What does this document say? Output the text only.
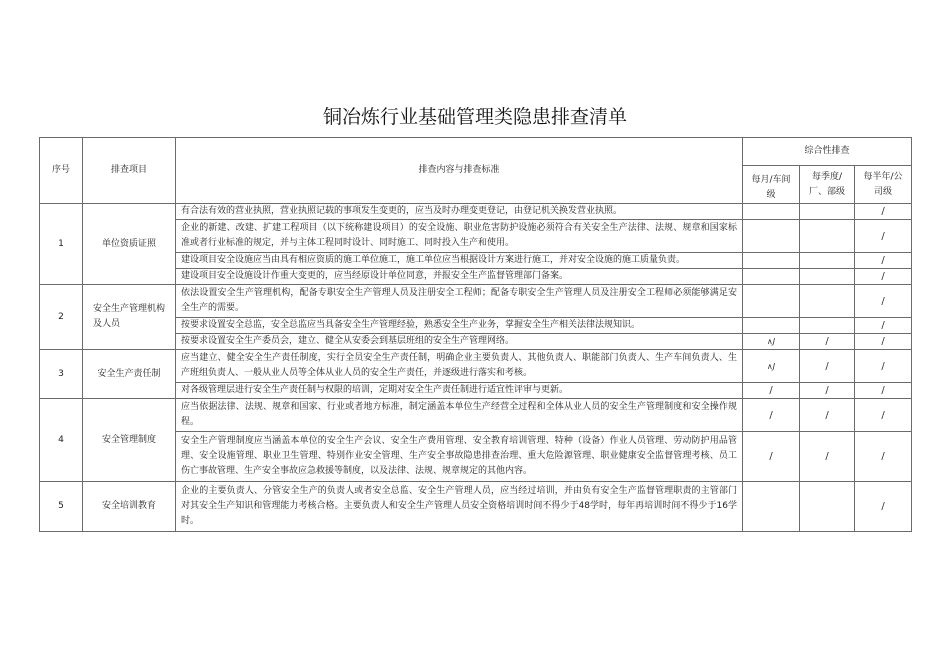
铜冶炼行业基础管理类隐患排查清单
序号	排查项目	排查内容与排查标准	综合性排查		
			每月/车间级	每季度/厂、部级	每半年/公司级
1	单位资质证照	有合法有效的营业执照，营业执照记载的事项发生变更的，应当及时办理变更登记，由登记机关换发营业执照。			/
		企业的新建、改建、扩建工程项目（以下统称建设项目）的安全设施、职业危害防护设施必须符合有关安全生产法律、法规、规章和国家标准或者行业标准的规定，并与主体工程同时设计、同时施工、同时投入生产和使用。			/
		建设项目安全设施应当由具有相应资质的施工单位施工，施工单位应当根据设计方案进行施工，并对安全设施的施工质量负责。			/
		建设项目安全设施设计作重大变更的，应当经原设计单位同意，并报安全生产监督管理部门备案。			/
2	安全生产管理机构及人员	依法设置安全生产管理机构，配备专职安全生产管理人员及注册安全工程师；配备专职安全生产管理人员及注册安全工程师必须能够满足安全生产的需要。			/
		按要求设置安全总监，安全总监应当具备安全生产管理经验，熟悉安全生产业务，掌握安全生产相关法律法规知识。			/
		按要求设置安全生产委员会，建立、健全从安委会到基层班组的安全生产管理网络。	∧J	/	/
3	安全生产责任制	应当建立、健全安全生产责任制度，实行全员安全生产责任制，明确企业主要负责人、其他负责人、职能部门负责人、生产车间负责人、生产班组负责人、一般从业人员等全体从业人员的安全生产责任，并逐级进行落实和考核。	∧J	/	/
		对各级管理层进行安全生产责任制与权限的培训，定期对安全生产责任制进行适宜性评审与更新。	/	/	/
4	安全管理制度	应当依据法律、法规、规章和国家、行业或者地方标准，制定涵盖本单位生产经营全过程和全体从业人员的安全生产管理制度和安全操作规程。	/	/	/
		安全生产管理制度应当涵盖本单位的安全生产会议、安全生产费用管理、安全教育培训管理、特种（设备）作业人员管理、劳动防护用品管理、安全设施管理、职业卫生管理、特别作业安全管理、生产安全事故隐患排查治理、重大危险源管理、职业健康安全监督管理考核、员工伤亡事故管理、生产安全事故应急救援等制度，以及法律、法规、规章规定的其他内容。	/	/	/
5	安全培训教育	企业的主要负责人、分管安全生产的负责人或者安全总监、安全生产管理人员，应当经过培训，并由负有安全生产监督管理职责的主管部门对其安全生产知识和管理能力考核合格。主要负责人和安全生产管理人员安全资格培训时间不得少于48学时，每年再培训时间不得少于16学时。			/
